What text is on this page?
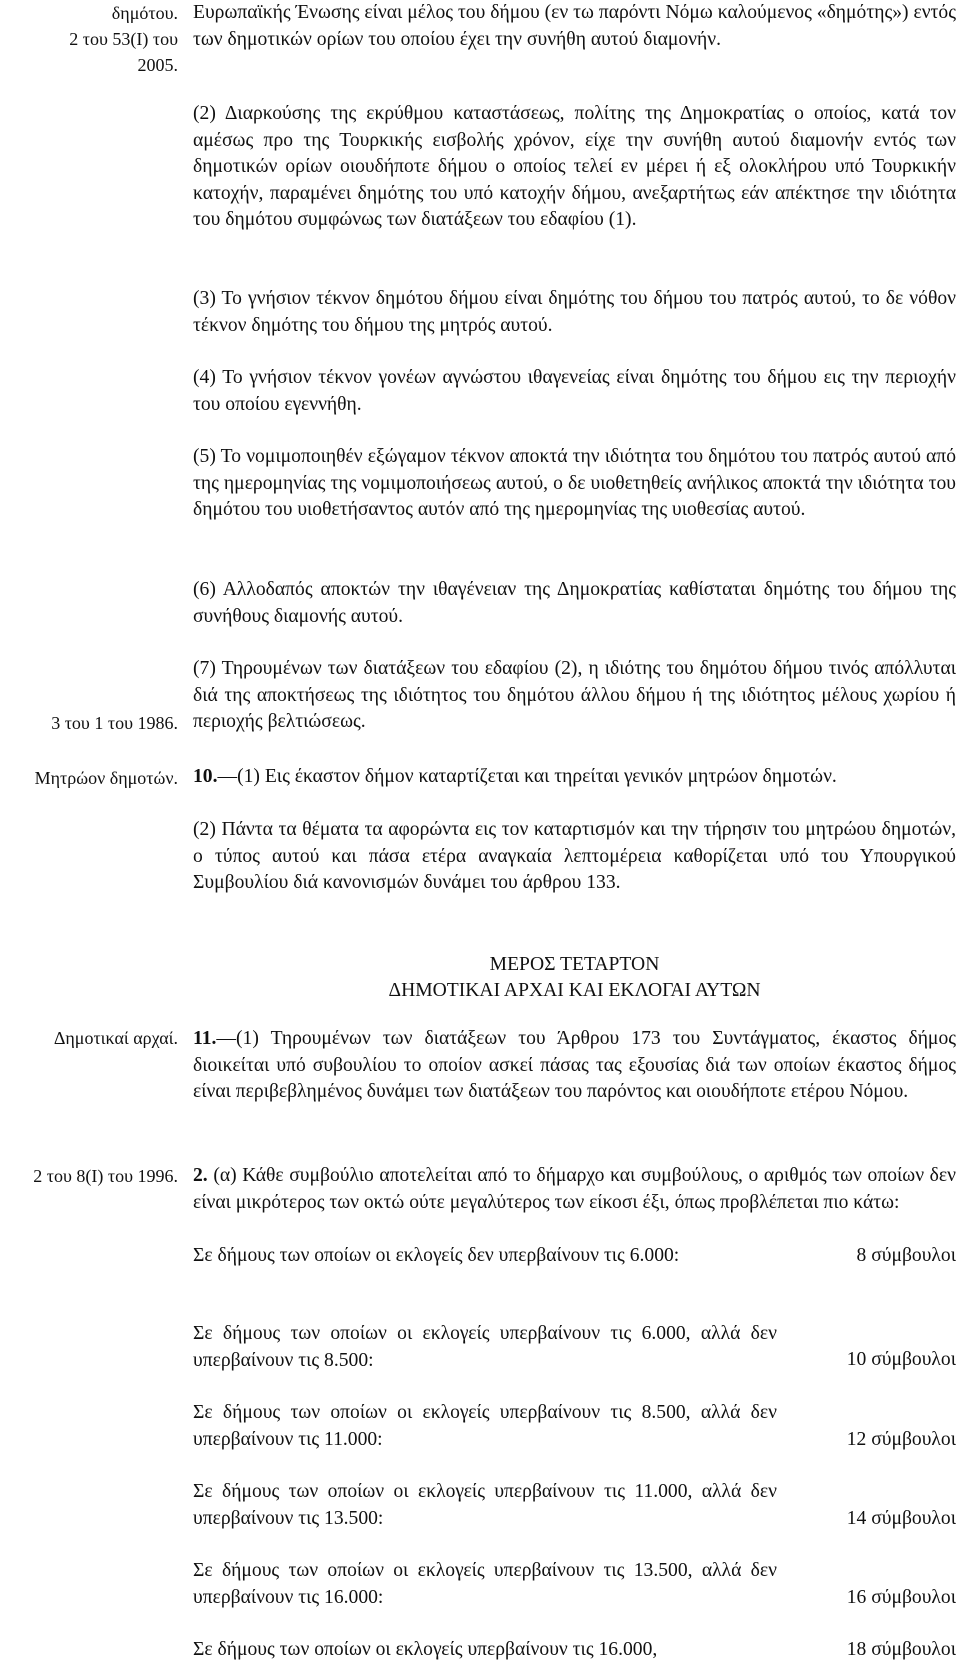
δημότου.
2 του 53(Ι) του
2005.
3 του 1 του 1986.
Μητρώον δημοτών.
Δημοτικαί αρχαί.
2 του 8(Ι) του 1996.
Ευρωπαϊκής Ένωσης είναι μέλος του δήμου (εν τω παρόντι Νόμω καλούμενος «δημότης») εντός των δημοτικών ορίων του οποίου έχει την συνήθη αυτού διαμονήν.
(2) Διαρκούσης της εκρύθμου καταστάσεως, πολίτης της Δημοκρατίας ο οποίος, κατά τον αμέσως προ της Τουρκικής εισβολής χρόνον, είχε την συνήθη αυτού διαμονήν εντός των δημοτικών ορίων οιουδήποτε δήμου ο οποίος τελεί εν μέρει ή εξ ολοκλήρου υπό Τουρκικήν κατοχήν, παραμένει δημότης του υπό κατοχήν δήμου, ανεξαρτήτως εάν απέκτησε την ιδιότητα του δημότου συμφώνως των διατάξεων του εδαφίου (1).
(3) Το γνήσιον τέκνον δημότου δήμου είναι δημότης του δήμου του πατρός αυτού, το δε νόθον τέκνον δημότης του δήμου της μητρός αυτού.
(4) Το γνήσιον τέκνον γονέων αγνώστου ιθαγενείας είναι δημότης του δήμου εις την περιοχήν του οποίου εγεννήθη.
(5) Το νομιμοποιηθέν εξώγαμον τέκνον αποκτά την ιδιότητα του δημότου του πατρός αυτού από της ημερομηνίας της νομιμοποιήσεως αυτού, ο δε υιοθετηθείς ανήλικος αποκτά την ιδιότητα του δημότου του υιοθετήσαντος αυτόν από της ημερομηνίας της υιοθεσίας αυτού.
(6) Αλλοδαπός αποκτών την ιθαγένειαν της Δημοκρατίας καθίσταται δημότης του δήμου της συνήθους διαμονής αυτού.
(7) Τηρουμένων των διατάξεων του εδαφίου (2), η ιδιότης του δημότου δήμου τινός απόλλυται διά της αποκτήσεως της ιδιότητος του δημότου άλλου δήμου ή της ιδιότητος μέλους χωρίου ή περιοχής βελτιώσεως.
10.—(1) Εις έκαστον δήμον καταρτίζεται και τηρείται γενικόν μητρώον δημοτών.
(2) Πάντα τα θέματα τα αφορώντα εις τον καταρτισμόν και την τήρησιν του μητρώου δημοτών, ο τύπος αυτού και πάσα ετέρα αναγκαία λεπτομέρεια καθορίζεται υπό του Υπουργικού Συμβουλίου διά κανονισμών δυνάμει του άρθρου 133.
ΜΕΡΟΣ ΤΕΤΑΡΤΟΝ
ΔΗΜΟΤΙΚΑΙ ΑΡΧΑΙ ΚΑΙ ΕΚΛΟΓΑΙ ΑΥΤΩΝ
11.—(1) Τηρουμένων των διατάξεων του Άρθρου 173 του Συντάγματος, έκαστος δήμος διοικείται υπό συβουλίου το οποίον ασκεί πάσας τας εξουσίας διά των οποίων έκαστος δήμος είναι περιβεβλημένος δυνάμει των διατάξεων του παρόντος και οιουδήποτε ετέρου Νόμου.
2. (α) Κάθε συμβούλιο αποτελείται από το δήμαρχο και συμβούλους, ο αριθμός των οποίων δεν είναι μικρότερος των οκτώ ούτε μεγαλύτερος των είκοσι έξι, όπως προβλέπεται πιο κάτω:
Σε δήμους των οποίων οι εκλογείς δεν υπερβαίνουν τις 6.000:	8 σύμβουλοι
Σε δήμους των οποίων οι εκλογείς υπερβαίνουν τις 6.000, αλλά δεν υπερβαίνουν τις 8.500:	10 σύμβουλοι
Σε δήμους των οποίων οι εκλογείς υπερβαίνουν τις 8.500, αλλά δεν υπερβαίνουν τις 11.000:	12 σύμβουλοι
Σε δήμους των οποίων οι εκλογείς υπερβαίνουν τις 11.000, αλλά δεν υπερβαίνουν τις 13.500:	14 σύμβουλοι
Σε δήμους των οποίων οι εκλογείς υπερβαίνουν τις 13.500, αλλά δεν υπερβαίνουν τις 16.000:	16 σύμβουλοι
Σε δήμους των οποίων οι εκλογείς υπερβαίνουν τις 16.000,	18 σύμβουλοι
